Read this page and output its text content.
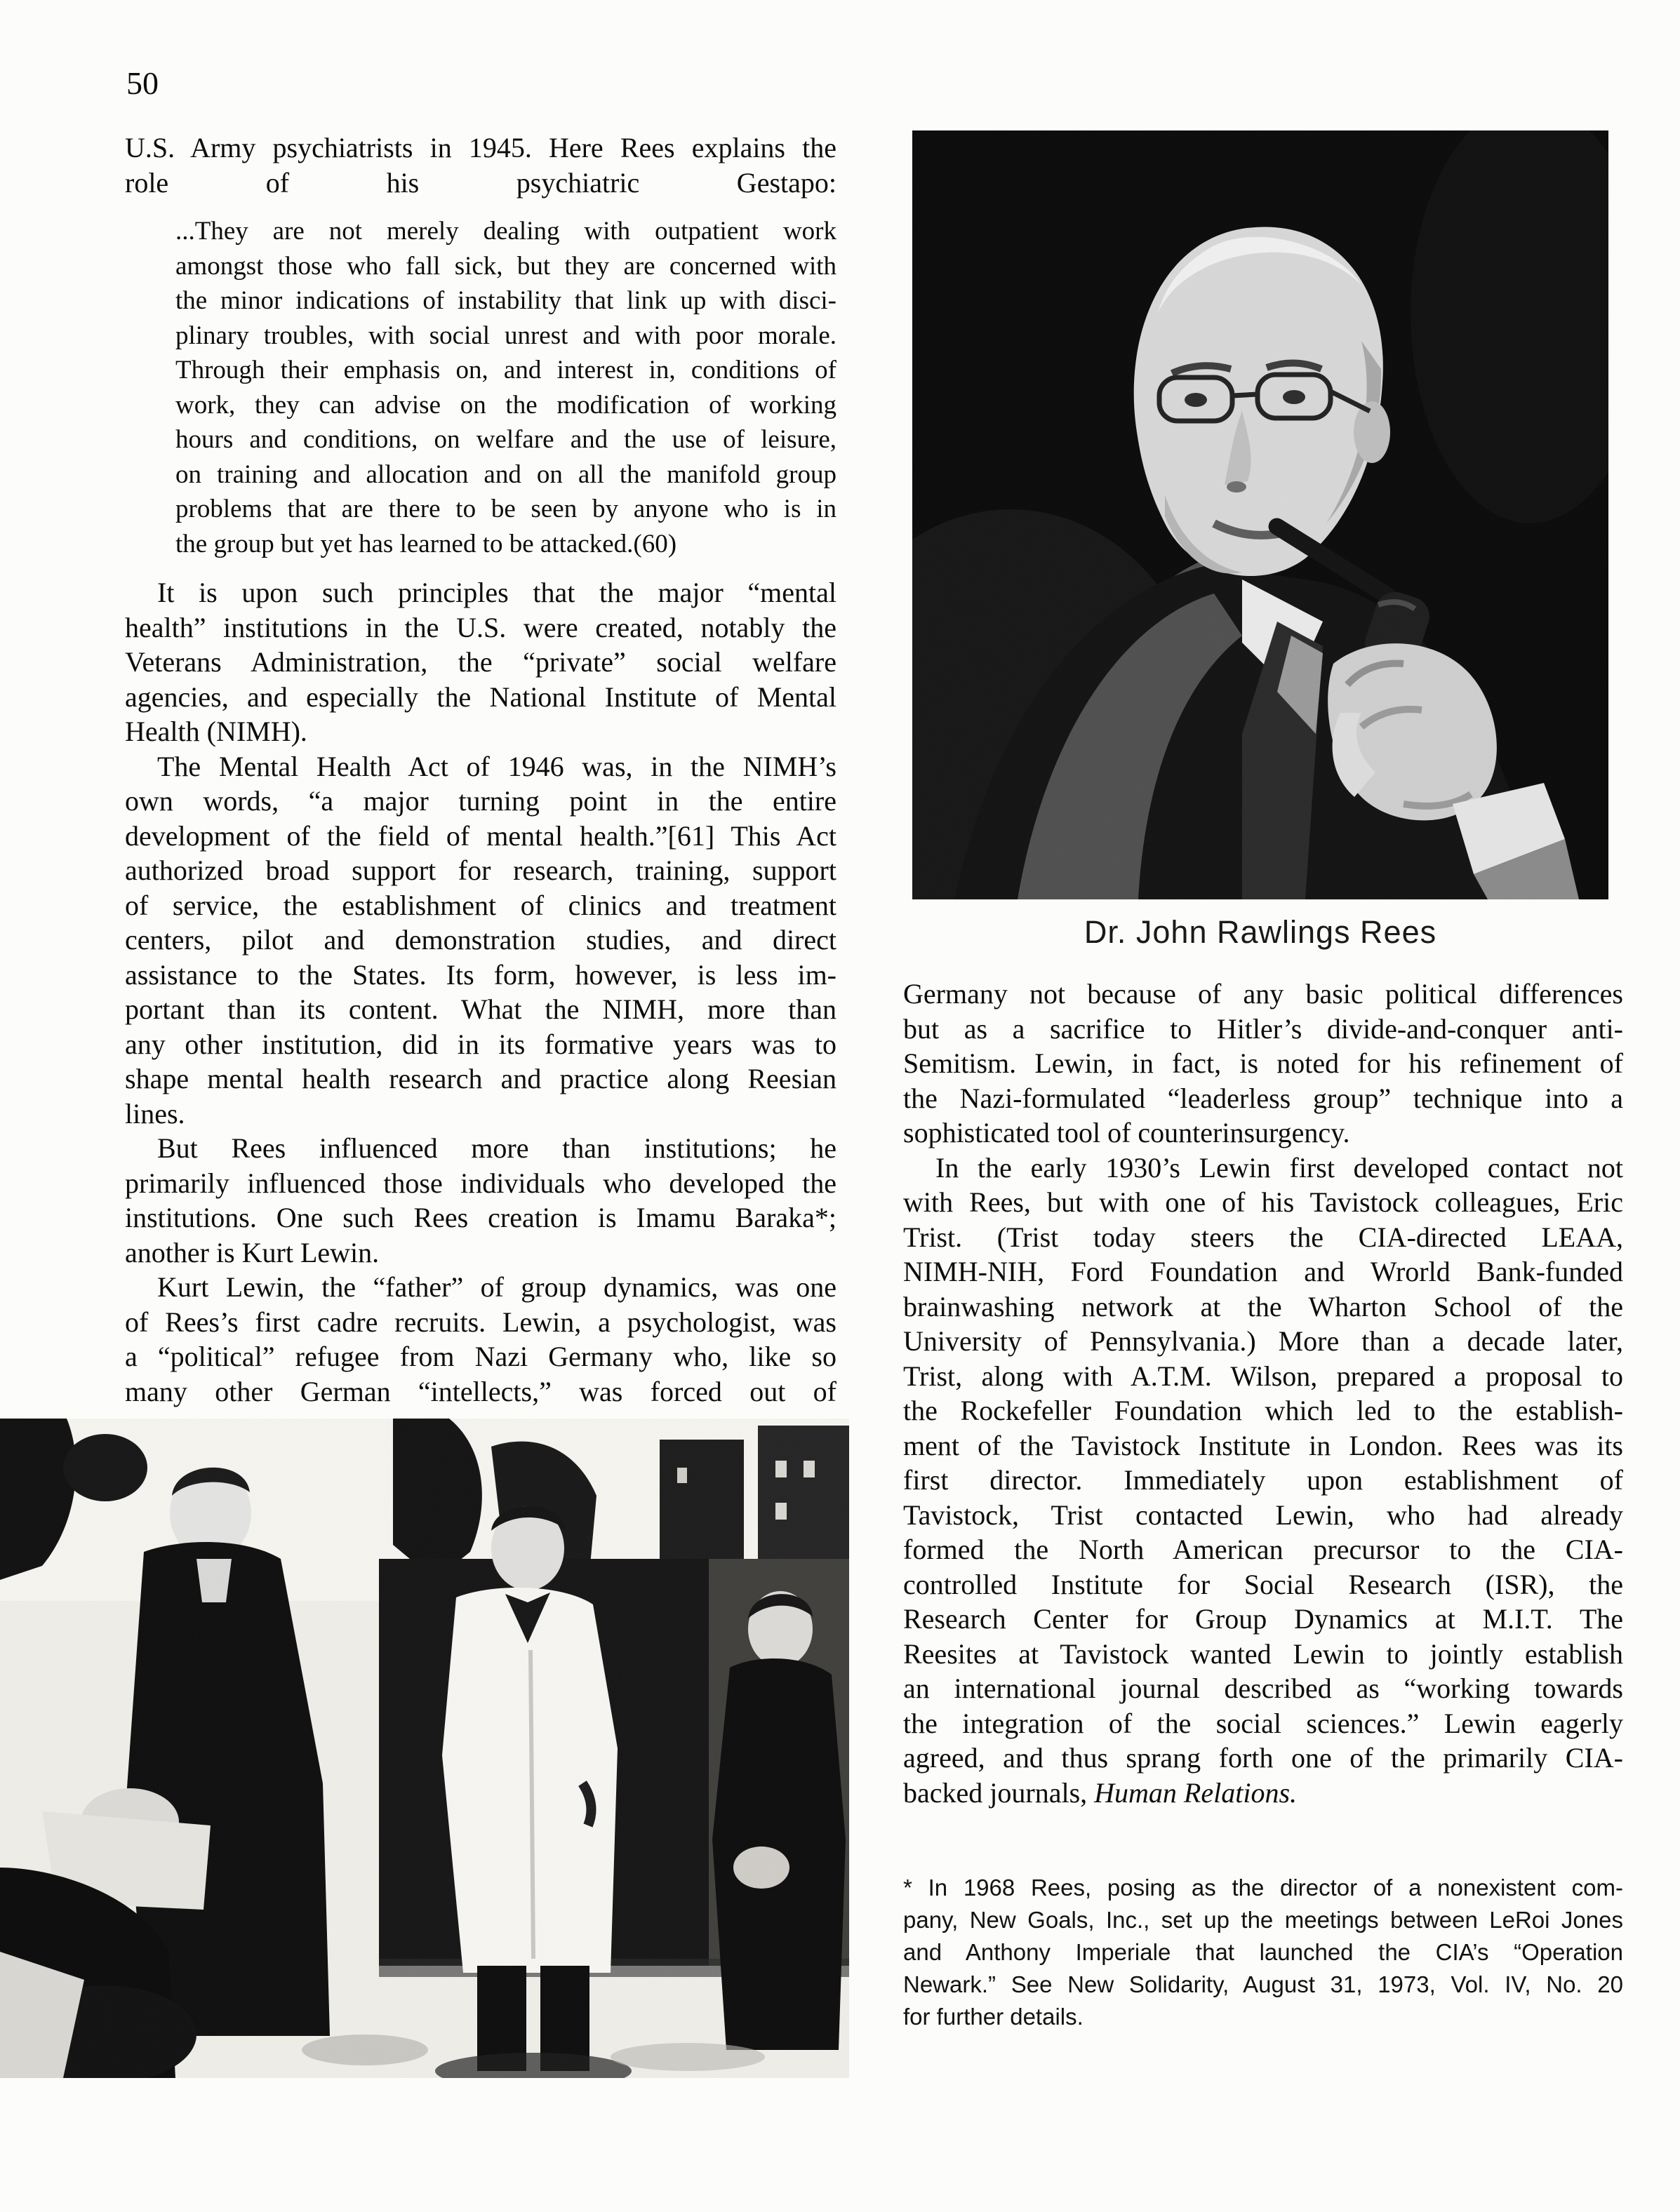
50
U.S. Army psychiatrists in 1945. Here Rees explains the
role of his psychiatric Gestapo:
...They are not merely dealing with outpatient work
amongst those who fall sick, but they are concerned with
the minor indications of instability that link up with disci-
plinary troubles, with social unrest and with poor morale.
Through their emphasis on, and interest in, conditions of
work, they can advise on the modification of working
hours and conditions, on welfare and the use of leisure,
on training and allocation and on all the manifold group
problems that are there to be seen by anyone who is in
the group but yet has learned to be attacked.(60)
It is upon such principles that the major “mental
health” institutions in the U.S. were created, notably the
Veterans Administration, the “private” social welfare
agencies, and especially the National Institute of Mental
Health (NIMH).
The Mental Health Act of 1946 was, in the NIMH’s
own words, “a major turning point in the entire
development of the field of mental health.”[61] This Act
authorized broad support for research, training, support
of service, the establishment of clinics and treatment
centers, pilot and demonstration studies, and direct
assistance to the States. Its form, however, is less im-
portant than its content. What the NIMH, more than
any other institution, did in its formative years was to
shape mental health research and practice along Reesian
lines.
But Rees influenced more than institutions; he
primarily influenced those individuals who developed the
institutions. One such Rees creation is Imamu Baraka*;
another is Kurt Lewin.
Kurt Lewin, the “father” of group dynamics, was one
of Rees’s first cadre recruits. Lewin, a psychologist, was
a “political” refugee from Nazi Germany who, like so
many other German “intellects,” was forced out of
Dr. John Rawlings Rees
Germany not because of any basic political differences
but as a sacrifice to Hitler’s divide-and-conquer anti-
Semitism. Lewin, in fact, is noted for his refinement of
the Nazi-formulated “leaderless group” technique into a
sophisticated tool of counterinsurgency.
In the early 1930’s Lewin first developed contact not
with Rees, but with one of his Tavistock colleagues, Eric
Trist. (Trist today steers the CIA-directed LEAA,
NIMH-NIH, Ford Foundation and Wrorld Bank-funded
brainwashing network at the Wharton School of the
University of Pennsylvania.) More than a decade later,
Trist, along with A.T.M. Wilson, prepared a proposal to
the Rockefeller Foundation which led to the establish-
ment of the Tavistock Institute in London. Rees was its
first director. Immediately upon establishment of
Tavistock, Trist contacted Lewin, who had already
formed the North American precursor to the CIA-
controlled Institute for Social Research (ISR), the
Research Center for Group Dynamics at M.I.T. The
Reesites at Tavistock wanted Lewin to jointly establish
an international journal described as “working towards
the integration of the social sciences.” Lewin eagerly
agreed, and thus sprang forth one of the primarily CIA-
backed journals, Human Relations.
* In 1968 Rees, posing as the director of a nonexistent com-
pany, New Goals, Inc., set up the meetings between LeRoi Jones
and Anthony Imperiale that launched the CIA’s “Operation
Newark.” See New Solidarity, August 31, 1973, Vol. IV, No. 20
for further details.
